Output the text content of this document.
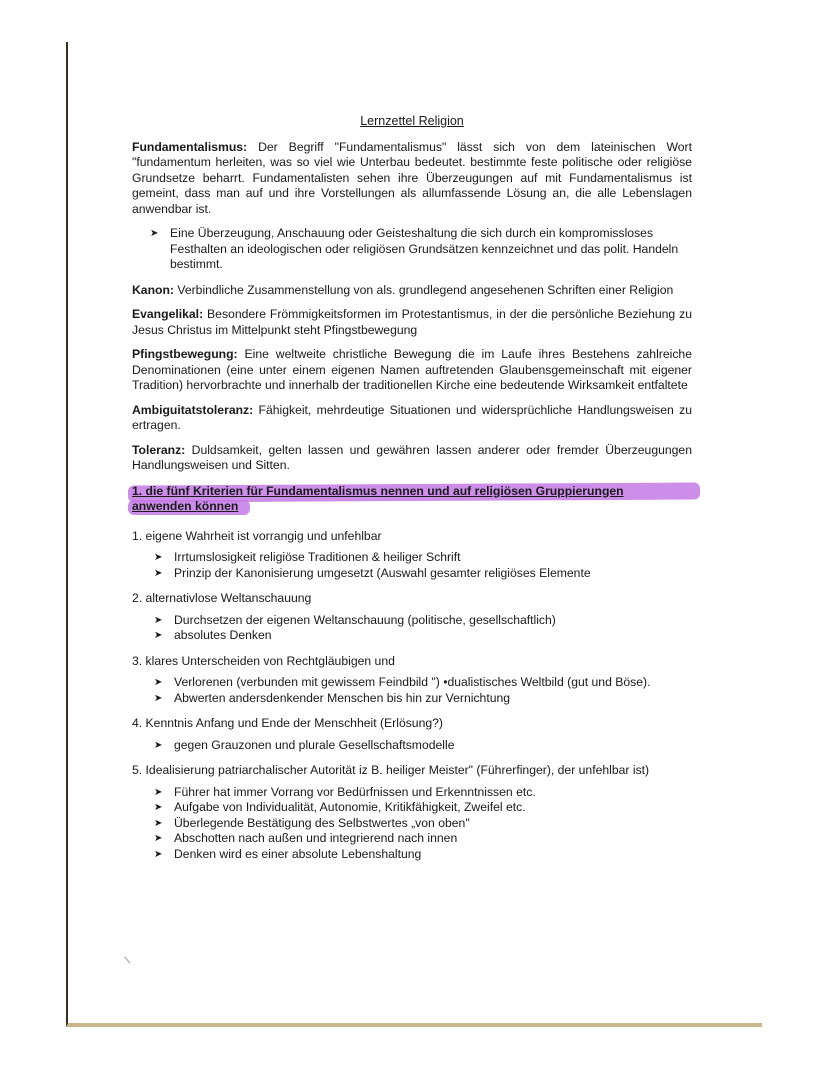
Lernzettel Religion

Fundamentalismus: Der Begriff "Fundamentalismus" lässt sich von dem lateinischen Wort "fundamentum herleiten, was so viel wie Unterbau bedeutet. bestimmte feste politische oder religiöse Grundsetze beharrt. Fundamentalisten sehen ihre Überzeugungen auf mit Fundamentalismus ist gemeint, dass man auf und ihre Vorstellungen als allumfassende Lösung an, die alle Lebenslagen anwendbar ist.

➤ Eine Überzeugung, Anschauung oder Geisteshaltung die sich durch ein kompromissloses Festhalten an ideologischen oder religiösen Grundsätzen kennzeichnet und das polit. Handeln bestimmt.

Kanon: Verbindliche Zusammenstellung von als. grundlegend angesehenen Schriften einer Religion

Evangelikal: Besondere Frömmigkeitsformen im Protestantismus, in der die persönliche Beziehung zu Jesus Christus im Mittelpunkt steht Pfingstbewegung

Pfingstbewegung: Eine weltweite christliche Bewegung die im Laufe ihres Bestehens zahlreiche Denominationen (eine unter einem eigenen Namen auftretenden Glaubensgemeinschaft mit eigener Tradition) hervorbrachte und innerhalb der traditionellen Kirche eine bedeutende Wirksamkeit entfaltete

Ambiguitatstoleranz: Fähigkeit, mehrdeutige Situationen und widersprüchliche Handlungsweisen zu ertragen.

Toleranz: Duldsamkeit, gelten lassen und gewähren lassen anderer oder fremder Überzeugungen Handlungsweisen und Sitten.

1. die fünf Kriterien für Fundamentalismus nennen und auf religiösen Gruppierungen
anwenden können
1. eigene Wahrheit ist vorrangig und unfehlbar
➤ Irrtumslosigkeit religiöse Traditionen & heiliger Schrift
➤ Prinzip der Kanonisierung umgesetzt (Auswahl gesamter religiöses Elemente
2. alternativlose Weltanschauung
➤ Durchsetzen der eigenen Weltanschauung (politische, gesellschaftlich)
➤ absolutes Denken
3. klares Unterscheiden von Rechtgläubigen und
➤ Verlorenen (verbunden mit gewissem Feindbild ") •dualistisches Weltbild (gut und Böse).
➤ Abwerten andersdenkender Menschen bis hin zur Vernichtung
4. Kenntnis Anfang und Ende der Menschheit (Erlösung?)
➤ gegen Grauzonen und plurale Gesellschaftsmodelle
5. Idealisierung patriarchalischer Autorität iz B. heiliger Meister" (Führerfinger), der unfehlbar ist)
➤ Führer hat immer Vorrang vor Bedürfnissen und Erkenntnissen etc.
➤ Aufgabe von Individualität, Autonomie, Kritikfähigkeit, Zweifel etc.
➤ Überlegende Bestätigung des Selbstwertes „von oben"
➤ Abschotten nach außen und integrierend nach innen
➤ Denken wird es einer absolute Lebenshaltung
